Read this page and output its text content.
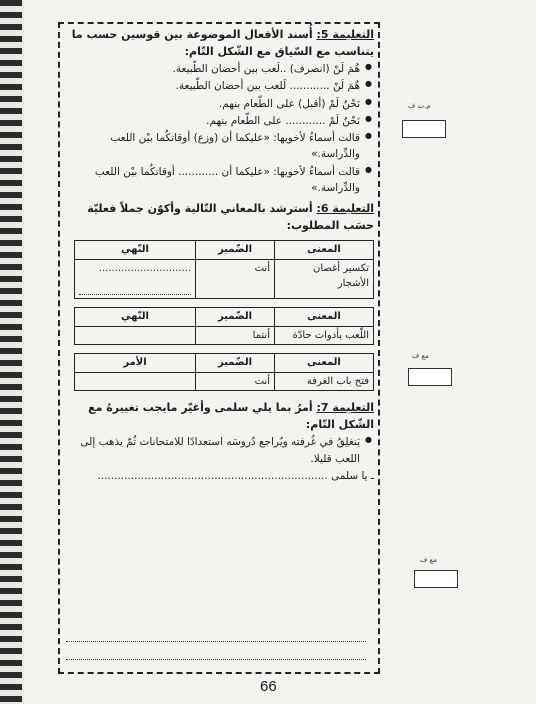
م.ت ف
مع ف
مع ف
التعليمة 5: أُسند الأفعال الموضوعة بين قوسين حسب ما يتناسب مع السّياق مع الشّكل التّام:
● هُمَ لَنْ (انصرف) ..لَعب بين أحضان الطّبيعة.
● هُمَ لَنْ ............ لَلعب بين أحضان الطّبيعة.
● نَحْنُ لَمْ (أقبل) على الطّعام بنهم.
● نَحْنُ لَمْ ............ على الطّعام بنهم.
● قالت أسماءُ لأخويها: «عليكما أن (وزع) أوقاتكُما بيْن اللعب والدِّراسة.»
● قالت أسماءُ لأخويها: «عليكما أن ............ أوقاتكُما بيْن اللعب والدِّراسة.»
التعليمة 6: أسترشد بالمعاني التّالية وأكوّن جملاً فعليّة حسَب المطلوب:
المعنى	الضّمير	النّهي
تكسير أغصان الأشجار	أنت	.............................
المعنى	الضّمير	النّهي
اللّعب بأدوات حادّة	أنتما	
المعنى	الضّمير	الأمر
فتح باب الغرفة	أنت	
التعليمة 7: أمرُ بما يلي سلمى وأغيّر مايجب تغييرهُ مع الشّكل التّام:
● يَنغلِقُ في غُرفته ويُراجع دُروسَه استعدادًا للامتحانات ثُمّ يذهب إلى اللعب قليلا.
ـ يا سلمى .....................................................................
66
